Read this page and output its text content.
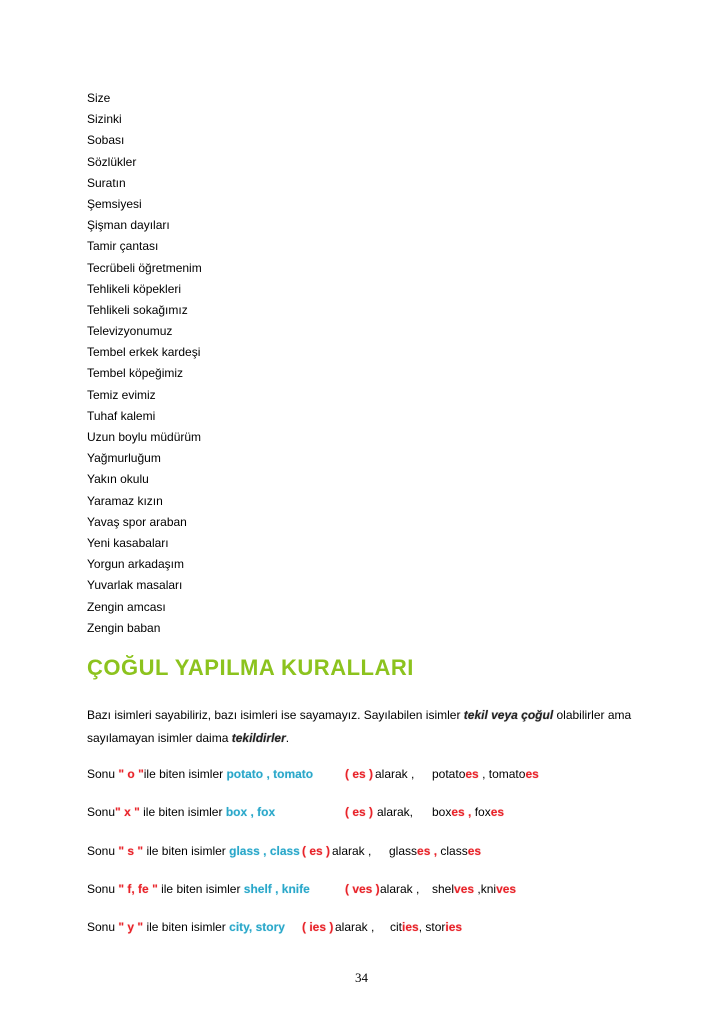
Size
Sizinki
Sobası
Sözlükler
Suratın
Şemsiyesi
Şişman dayıları
Tamir çantası
Tecrübeli öğretmenim
Tehlikeli köpekleri
Tehlikeli sokağımız
Televizyonumuz
Tembel erkek kardeşi
Tembel köpeğimiz
Temiz evimiz
Tuhaf kalemi
Uzun boylu müdürüm
Yağmurluğum
Yakın okulu
Yaramaz kızın
Yavaş spor araban
Yeni kasabaları
Yorgun arkadaşım
Yuvarlak masaları
Zengin amcası
Zengin baban
ÇOĞUL YAPILMA KURALLARI

Bazı isimleri sayabiliriz, bazı isimleri ise sayamayız. Sayılabilen isimler tekil veya çoğul olabilirler ama sayılamayan isimler daima tekildirler.

Sonu " o "ile biten isimler potato , tomato	( es ) alarak , potatoes , tomatoes
Sonu" x " ile biten isimler box , fox	( es ) alarak, boxes , foxes
Sonu " s " ile biten isimler glass , class ( es ) alarak , glasses , classes
Sonu " f, fe " ile biten isimler shelf , knife	( ves ) alarak , shelves ,knives
Sonu " y " ile biten isimler city, story ( ies ) alarak , cities, stories
34
